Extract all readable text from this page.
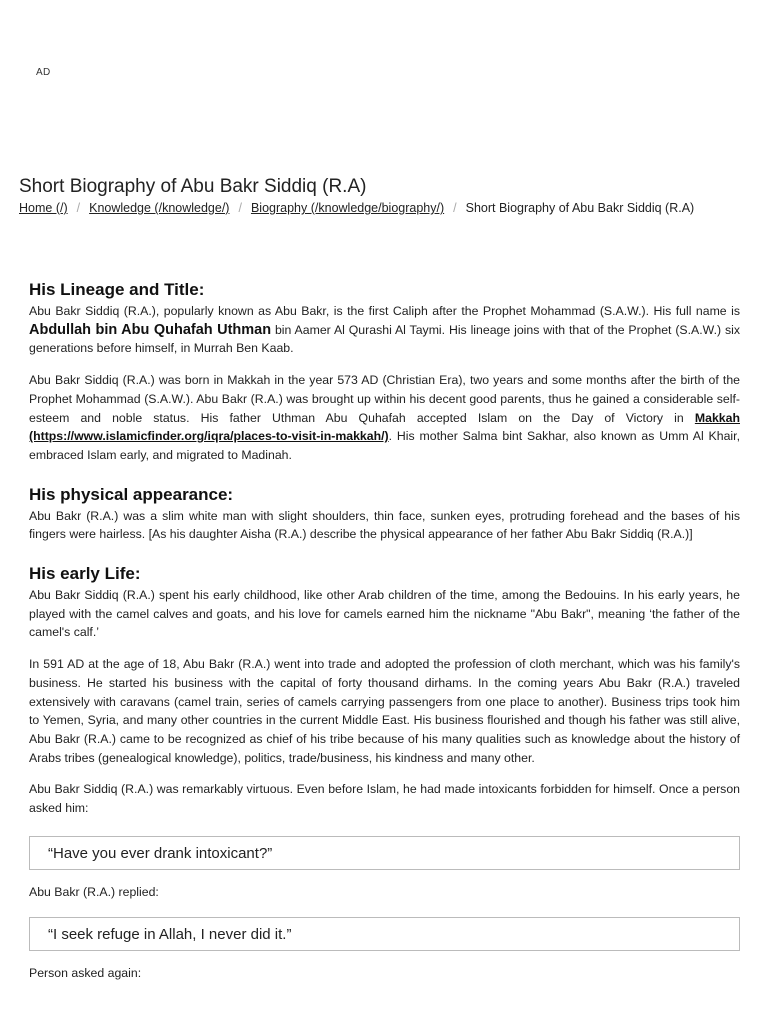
AD
Short Biography of Abu Bakr Siddiq (R.A)
Home (/) / Knowledge (/knowledge/) / Biography (/knowledge/biography/) / Short Biography of Abu Bakr Siddiq (R.A)
His Lineage and Title:

Abu Bakr Siddiq (R.A.), popularly known as Abu Bakr, is the first Caliph after the Prophet Mohammad (S.A.W.). His full name is Abdullah bin Abu Quhafah Uthman bin Aamer Al Qurashi Al Taymi. His lineage joins with that of the Prophet (S.A.W.) six generations before himself, in Murrah Ben Kaab.

Abu Bakr Siddiq (R.A.) was born in Makkah in the year 573 AD (Christian Era), two years and some months after the birth of the Prophet Mohammad (S.A.W.). Abu Bakr (R.A.) was brought up within his decent good parents, thus he gained a considerable self-esteem and noble status. His father Uthman Abu Quhafah accepted Islam on the Day of Victory in Makkah (https://www.islamicfinder.org/iqra/places-to-visit-in-makkah/). His mother Salma bint Sakhar, also known as Umm Al Khair, embraced Islam early, and migrated to Madinah.

His physical appearance:

Abu Bakr (R.A.) was a slim white man with slight shoulders, thin face, sunken eyes, protruding forehead and the bases of his fingers were hairless. [As his daughter Aisha (R.A.) describe the physical appearance of her father Abu Bakr Siddiq (R.A.)]

His early Life:

Abu Bakr Siddiq (R.A.) spent his early childhood, like other Arab children of the time, among the Bedouins. In his early years, he played with the camel calves and goats, and his love for camels earned him the nickname "Abu Bakr", meaning ‘the father of the camel's calf.’

In 591 AD at the age of 18, Abu Bakr (R.A.) went into trade and adopted the profession of cloth merchant, which was his family's business. He started his business with the capital of forty thousand dirhams. In the coming years Abu Bakr (R.A.) traveled extensively with caravans (camel train, series of camels carrying passengers from one place to another). Business trips took him to Yemen, Syria, and many other countries in the current Middle East. His business flourished and though his father was still alive, Abu Bakr (R.A.) came to be recognized as chief of his tribe because of his many qualities such as knowledge about the history of Arabs tribes (genealogical knowledge), politics, trade/business, his kindness and many other.

Abu Bakr Siddiq (R.A.) was remarkably virtuous. Even before Islam, he had made intoxicants forbidden for himself. Once a person asked him:

“Have you ever drank intoxicant?”
Abu Bakr (R.A.) replied:
“I seek refuge in Allah, I never did it.”
Person asked again:
